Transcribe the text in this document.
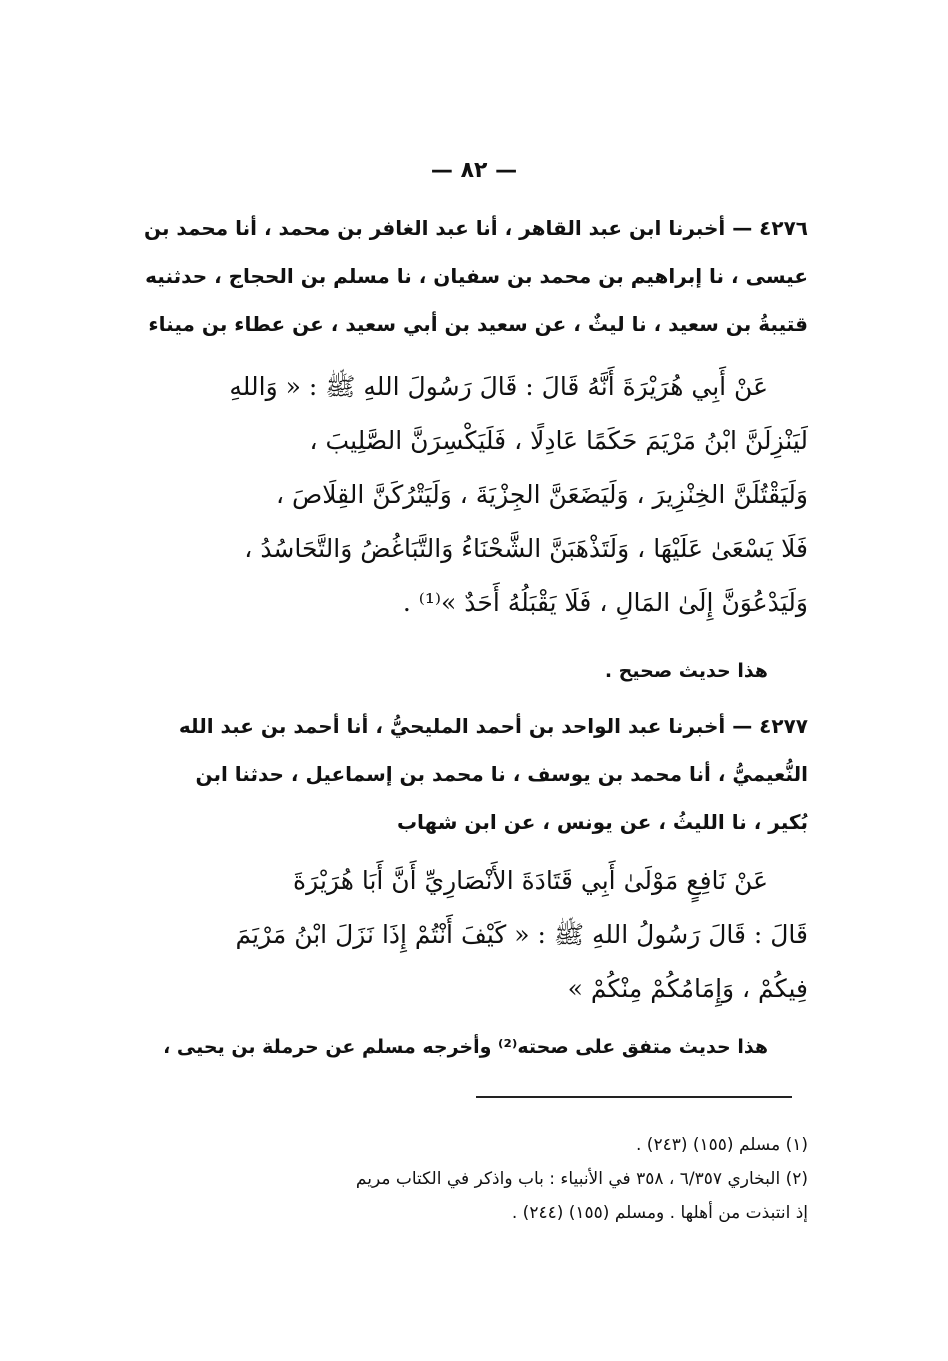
— ٨٢ —
٤٢٧٦ — أخبرنا ابن عبد القاهر ، أنا عبد الغافر بن محمد ، أنا محمد بن
عيسى ، نا إبراهيم بن محمد بن سفيان ، نا مسلم بن الحجاج ، حدثنيه
قتيبةُ بن سعيد ، نا ليثٌ ، عن سعيد بن أبي سعيد ، عن عطاء بن ميناء
عَنْ أَبِي هُرَيْرَةَ أَنَّهُ قَالَ : قَالَ رَسُولَ اللهِ ﷺ : « وَاللهِ
لَيَنْزِلَنَّ ابْنُ مَرْيَمَ حَكَمًا عَادِلًا ، فَلَيَكْسِرَنَّ الصَّلِيبَ ،
وَلَيَقْتُلَنَّ الخِنْزِيرَ ، وَلَيَضَعَنَّ الجِزْيَةَ ، وَلَيَتْرُكَنَّ القِلَاصَ ،
فَلَا يَسْعَىٰ عَلَيْهَا ، وَلَتَذْهَبَنَّ الشَّحْنَاءُ وَالتَّبَاغُضُ وَالتَّحَاسُدُ ،
وَلَيَدْعُوَنَّ إِلَىٰ المَالِ ، فَلَا يَقْبَلُهُ أَحَدٌ »⁽¹⁾ .
هذا حديث صحيح .
٤٢٧٧ — أخبرنا عبد الواحد بن أحمد المليحيُّ ، أنا أحمد بن عبد الله
النُّعيميُّ ، أنا محمد بن يوسف ، نا محمد بن إسماعيل ، حدثنا ابن
بُكير ، نا الليثُ ، عن يونس ، عن ابن شهاب
عَنْ نَافِعٍ مَوْلَىٰ أَبِي قَتَادَةَ الأَنْصَارِيِّ أَنَّ أَبَا هُرَيْرَةَ
قَالَ : قَالَ رَسُولُ اللهِ ﷺ : « كَيْفَ أَنْتُمْ إِذَا نَزَلَ ابْنُ مَرْيَمَ
فِيكُمْ ، وَإِمَامُكُمْ مِنْكُمْ »
هذا حديث متفق على صحته⁽²⁾ وأخرجه مسلم عن حرملة بن يحيى ،
(١) مسلم (١٥٥) (٢٤٣) .
(٢) البخاري ٦/٣٥٧ ، ٣٥٨ في الأنبياء : باب واذكر في الكتاب مريم
إذ انتبذت من أهلها . ومسلم (١٥٥) (٢٤٤) .
